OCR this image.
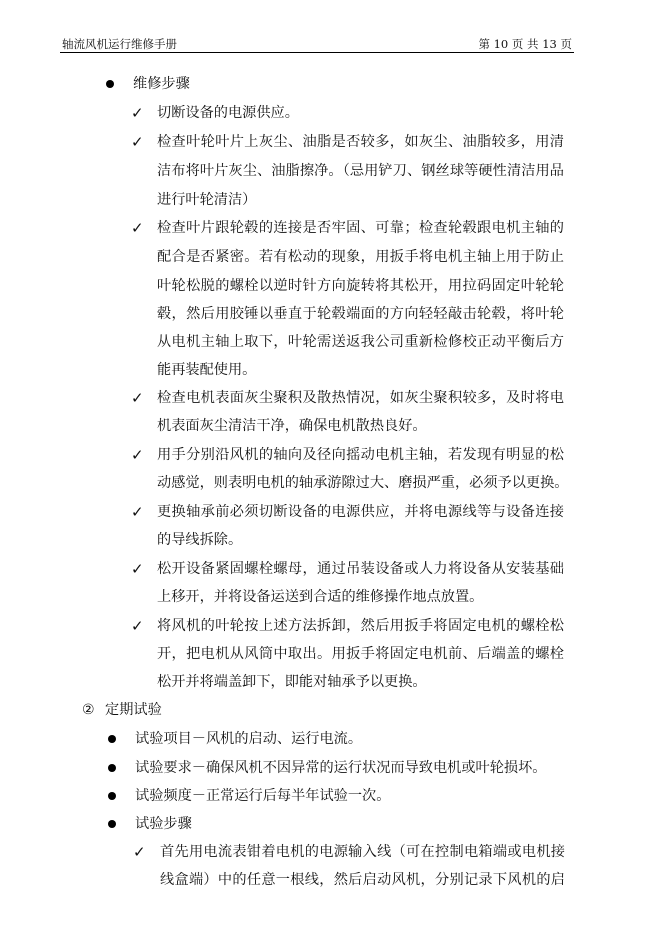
轴流风机运行维修手册	第 10 页 共 13 页
维修步骤
✓ 切断设备的电源供应。
✓ 检查叶轮叶片上灰尘、油脂是否较多，如灰尘、油脂较多，用清
洁布将叶片灰尘、油脂擦净。（忌用铲刀、钢丝球等硬性清洁用品
进行叶轮清洁）
✓ 检查叶片跟轮毂的连接是否牢固、可靠；检查轮毂跟电机主轴的
配合是否紧密。若有松动的现象，用扳手将电机主轴上用于防止
叶轮松脱的螺栓以逆时针方向旋转将其松开，用拉码固定叶轮轮
毂，然后用胶锤以垂直于轮毂端面的方向轻轻敲击轮毂，将叶轮
从电机主轴上取下，叶轮需送返我公司重新检修校正动平衡后方
能再装配使用。
✓ 检查电机表面灰尘聚积及散热情况，如灰尘聚积较多，及时将电
机表面灰尘清洁干净，确保电机散热良好。
✓ 用手分别沿风机的轴向及径向摇动电机主轴，若发现有明显的松
动感觉，则表明电机的轴承游隙过大、磨损严重，必须予以更换。
✓ 更换轴承前必须切断设备的电源供应，并将电源线等与设备连接
的导线拆除。
✓ 松开设备紧固螺栓螺母，通过吊装设备或人力将设备从安装基础
上移开，并将设备运送到合适的维修操作地点放置。
✓ 将风机的叶轮按上述方法拆卸，然后用扳手将固定电机的螺栓松
开，把电机从风筒中取出。用扳手将固定电机前、后端盖的螺栓
松开并将端盖卸下，即能对轴承予以更换。
② 定期试验
试验项目－风机的启动、运行电流。
试验要求－确保风机不因异常的运行状况而导致电机或叶轮损坏。
试验频度－正常运行后每半年试验一次。
试验步骤
✓ 首先用电流表钳着电机的电源输入线（可在控制电箱端或电机接
线盒端）中的任意一根线，然后启动风机，分别记录下风机的启
